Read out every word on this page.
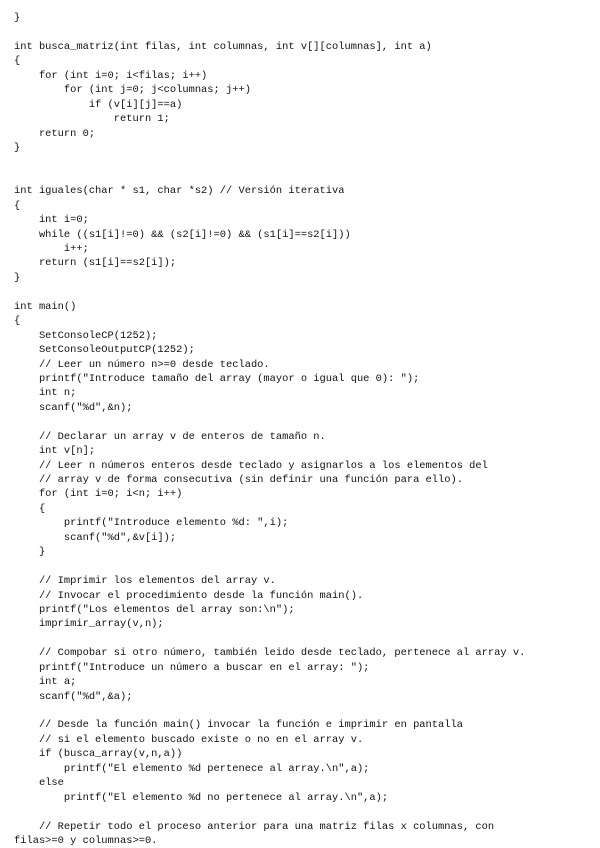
}
int busca_matriz(int filas, int columnas, int v[][columnas], int a)
{
for (int i=0; i<filas; i++)
for (int j=0; j<columnas; j++)
if (v[i][j]==a)
return 1;
return 0;
}
int iguales(char * s1, char *s2) // Versión iterativa
{
int i=0;
while ((s1[i]!=0) && (s2[i]!=0) && (s1[i]==s2[i]))
i++;
return (s1[i]==s2[i]);
}
int main()
{
SetConsoleCP(1252);
SetConsoleOutputCP(1252);
// Leer un número n>=0 desde teclado.
printf("Introduce tamaño del array (mayor o igual que 0): ");
int n;
scanf("%d",&n);
// Declarar un array v de enteros de tamaño n.
int v[n];
// Leer n números enteros desde teclado y asignarlos a los elementos del
// array v de forma consecutiva (sin definir una función para ello).
for (int i=0; i<n; i++)
{
printf("Introduce elemento %d: ",i);
scanf("%d",&v[i]);
}
// Imprimir los elementos del array v.
// Invocar el procedimiento desde la función main().
printf("Los elementos del array son:\n");
imprimir_array(v,n);
// Compobar si otro número, también leido desde teclado, pertenece al array v.
printf("Introduce un número a buscar en el array: ");
int a;
scanf("%d",&a);
// Desde la función main() invocar la función e imprimir en pantalla
// si el elemento buscado existe o no en el array v.
if (busca_array(v,n,a))
printf("El elemento %d pertenece al array.\n",a);
else
printf("El elemento %d no pertenece al array.\n",a);
// Repetir todo el proceso anterior para una matriz filas x columnas, con
filas>=0 y columnas>=0.
